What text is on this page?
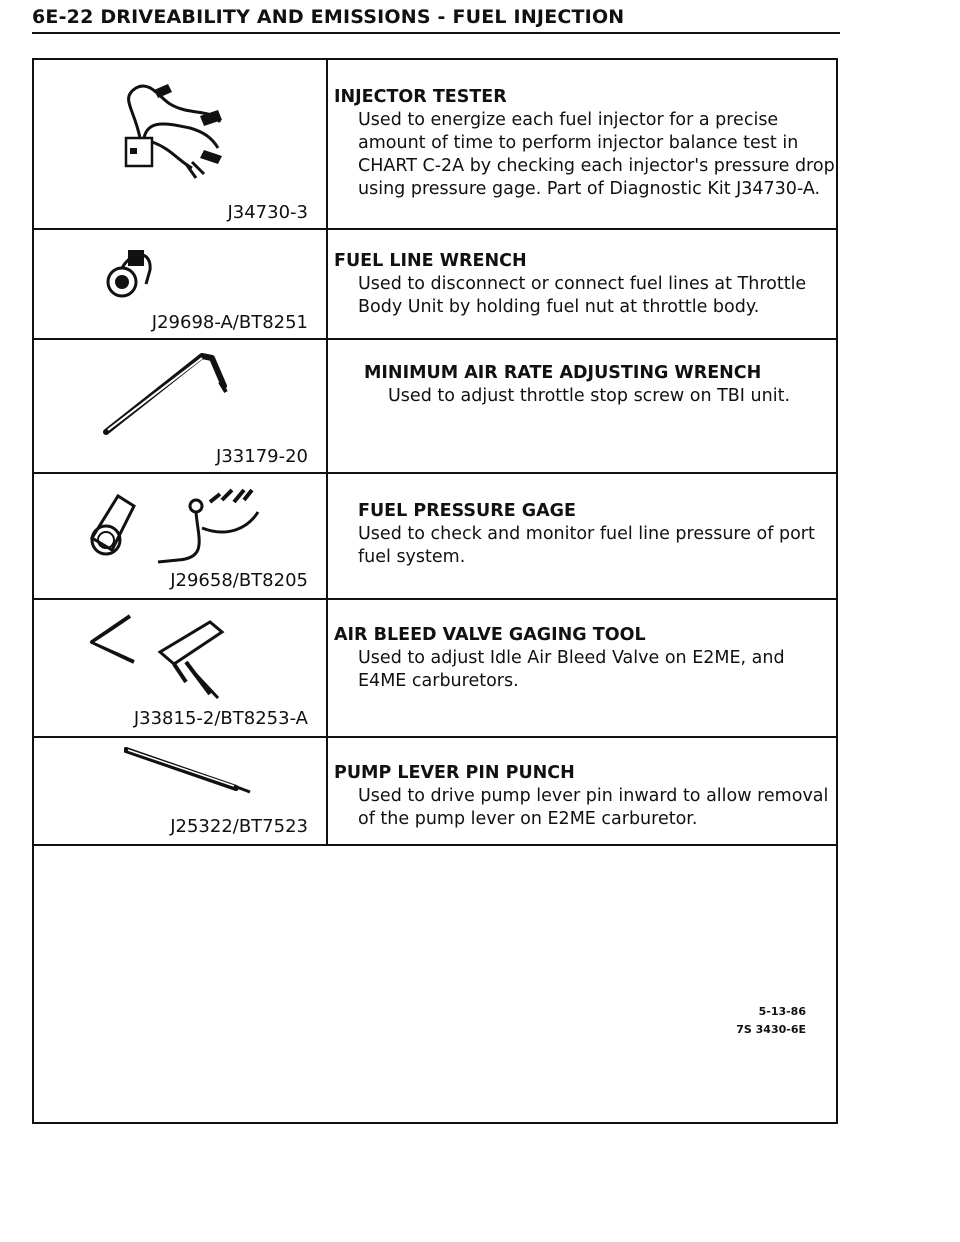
6E-22 DRIVEABILITY AND EMISSIONS - FUEL INJECTION
J34730-3
INJECTOR TESTER
Used to energize each fuel injector for a precise
amount of time to perform injector balance test in
CHART C-2A by checking each injector's pressure drop
using pressure gage. Part of Diagnostic Kit J34730-A.
J29698-A/BT8251
FUEL LINE WRENCH
Used to disconnect or connect fuel lines at Throttle
Body Unit by holding fuel nut at throttle body.
J33179-20
MINIMUM AIR RATE ADJUSTING WRENCH
Used to adjust throttle stop screw on TBI unit.
J29658/BT8205
FUEL PRESSURE GAGE
Used to check and monitor fuel line pressure of port
fuel system.
J33815-2/BT8253-A
AIR BLEED VALVE GAGING TOOL
Used to adjust Idle Air Bleed Valve on E2ME, and
E4ME carburetors.
J25322/BT7523
PUMP LEVER PIN PUNCH
Used to drive pump lever pin inward to allow removal
of the pump lever on E2ME carburetor.
5-13-86
7S 3430-6E
